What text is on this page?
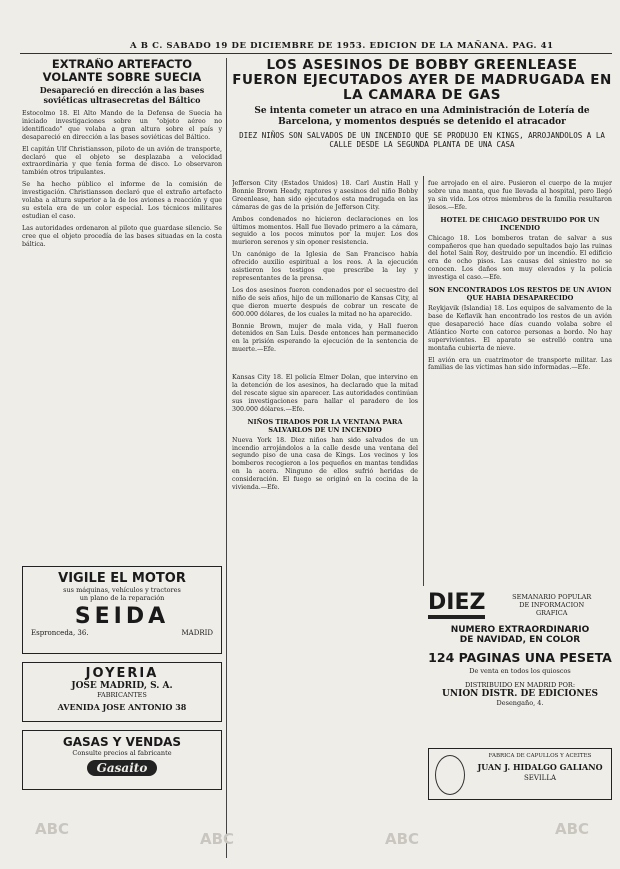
A B C. SABADO 19 DE DICIEMBRE DE 1953. EDICION DE LA MAÑANA. PAG. 41

EXTRAÑO ARTEFACTO VOLANTE SOBRE SUECIA

Desapareció en dirección a las bases soviéticas ultrasecretas del Báltico

Estocolmo 18. El Alto Mando de la Defensa de Suecia ha iniciado investigaciones sobre un "objeto aéreo no identificado" que volaba a gran altura sobre el país y desapareció en dirección a las bases soviéticas del Báltico.

El capitán Ulf Christiansson, piloto de un avión de transporte, declaró que el objeto se desplazaba a velocidad extraordinaria y que tenía forma de disco. Lo observaron también otros tripulantes.

Se ha hecho público el informe de la comisión de investigación. Christiansson declaró que el extraño artefacto volaba a altura superior a la de los aviones a reacción y que su estela era de un color especial. Los técnicos militares estudian el caso.

Las autoridades ordenaron al piloto que guardase silencio. Se cree que el objeto procedía de las bases situadas en la costa báltica.

VIGILE EL MOTOR
sus máquinas, vehículos y tractores
un plano de la reparación
SEIDA
Espronceda, 36.	MADRID
JOYERIA
JOSE MADRID, S. A.
FABRICANTES
AVENIDA JOSE ANTONIO 38
GASAS Y VENDAS
Consulte precios al fabricante
Gasaito

LOS ASESINOS DE BOBBY GREENLEASE

FUERON EJECUTADOS AYER DE MADRUGADA EN LA CAMARA DE GAS

Se intenta cometer un atraco en una Administración de Lotería de Barcelona, y momentos después se detenido el atracador

DIEZ NIÑOS SON SALVADOS DE UN INCENDIO QUE SE PRODUJO EN KINGS, ARROJANDOLOS A LA CALLE DESDE LA SEGUNDA PLANTA DE UNA CASA

Jefferson City (Estados Unidos) 18. Carl Austin Hall y Bonnie Brown Heady, raptores y asesinos del niño Bobby Greenlease, han sido ejecutados esta madrugada en las cámaras de gas de la prisión de Jefferson City.

Ambos condenados no hicieron declaraciones en los últimos momentos. Hall fue llevado primero a la cámara, seguido a los pocos minutos por la mujer. Los dos murieron serenos y sin oponer resistencia.

Un canónigo de la Iglesia de San Francisco había ofrecido auxilio espiritual a los reos. A la ejecución asistieron los testigos que prescribe la ley y representantes de la prensa.

Los dos asesinos fueron condenados por el secuestro del niño de seis años, hijo de un millonario de Kansas City, al que dieron muerte después de cobrar un rescate de 600.000 dólares, de los cuales la mitad no ha aparecido.

Bonnie Brown, mujer de mala vida, y Hall fueron detenidos en San Luis. Desde entonces han permanecido en la prisión esperando la ejecución de la sentencia de muerte.—Efe.

Kansas City 18. El policía Elmer Dolan, que intervino en la detención de los asesinos, ha declarado que la mitad del rescate sigue sin aparecer. Las autoridades continúan sus investigaciones para hallar el paradero de los 300.000 dólares.—Efe.

NIÑOS TIRADOS POR LA VENTANA PARA SALVARLOS DE UN INCENDIO

Nueva York 18. Diez niños han sido salvados de un incendio arrojándolos a la calle desde una ventana del segundo piso de una casa de Kings. Los vecinos y los bomberos recogieron a los pequeños en mantas tendidas en la acera. Ninguno de ellos sufrió heridas de consideración. El fuego se originó en la cocina de la vivienda.—Efe.

fue arrojado en el aire. Pusieron el cuerpo de la mujer sobre una manta, que fue llevada al hospital, pero llegó ya sin vida. Los otros miembros de la familia resultaron ilesos.—Efe.

HOTEL DE CHICAGO DESTRUIDO POR UN INCENDIO

Chicago 18. Los bomberos tratan de salvar a sus compañeros que han quedado sepultados bajo las ruinas del hotel Sain Roy, destruido por un incendio. El edificio era de ocho pisos. Las causas del siniestro no se conocen. Los daños son muy elevados y la policía investiga el caso.—Efe.

SON ENCONTRADOS LOS RESTOS DE UN AVION QUE HABIA DESAPARECIDO

Reykjavik (Islandia) 18. Los equipos de salvamento de la base de Keflavik han encontrado los restos de un avión que desapareció hace días cuando volaba sobre el Atlántico Norte con catorce personas a bordo. No hay supervivientes. El aparato se estrelló contra una montaña cubierta de nieve.

El avión era un cuatrimotor de transporte militar. Las familias de las víctimas han sido informadas.—Efe.

DIEZ	SEMANARIO POPULAR
DE INFORMACION
GRAFICA
NUMERO EXTRAORDINARIO
DE NAVIDAD, EN COLOR
124 PAGINAS UNA PESETA
De venta en todos los quioscos
DISTRIBUIDO EN MADRID POR:
UNION DISTR. DE EDICIONES
Desengaño, 4.
FABRICA DE CAPULLOS Y ACEITES
JUAN J. HIDALGO GALIANO
SEVILLA
ABC
ABC	ABC
ABC
